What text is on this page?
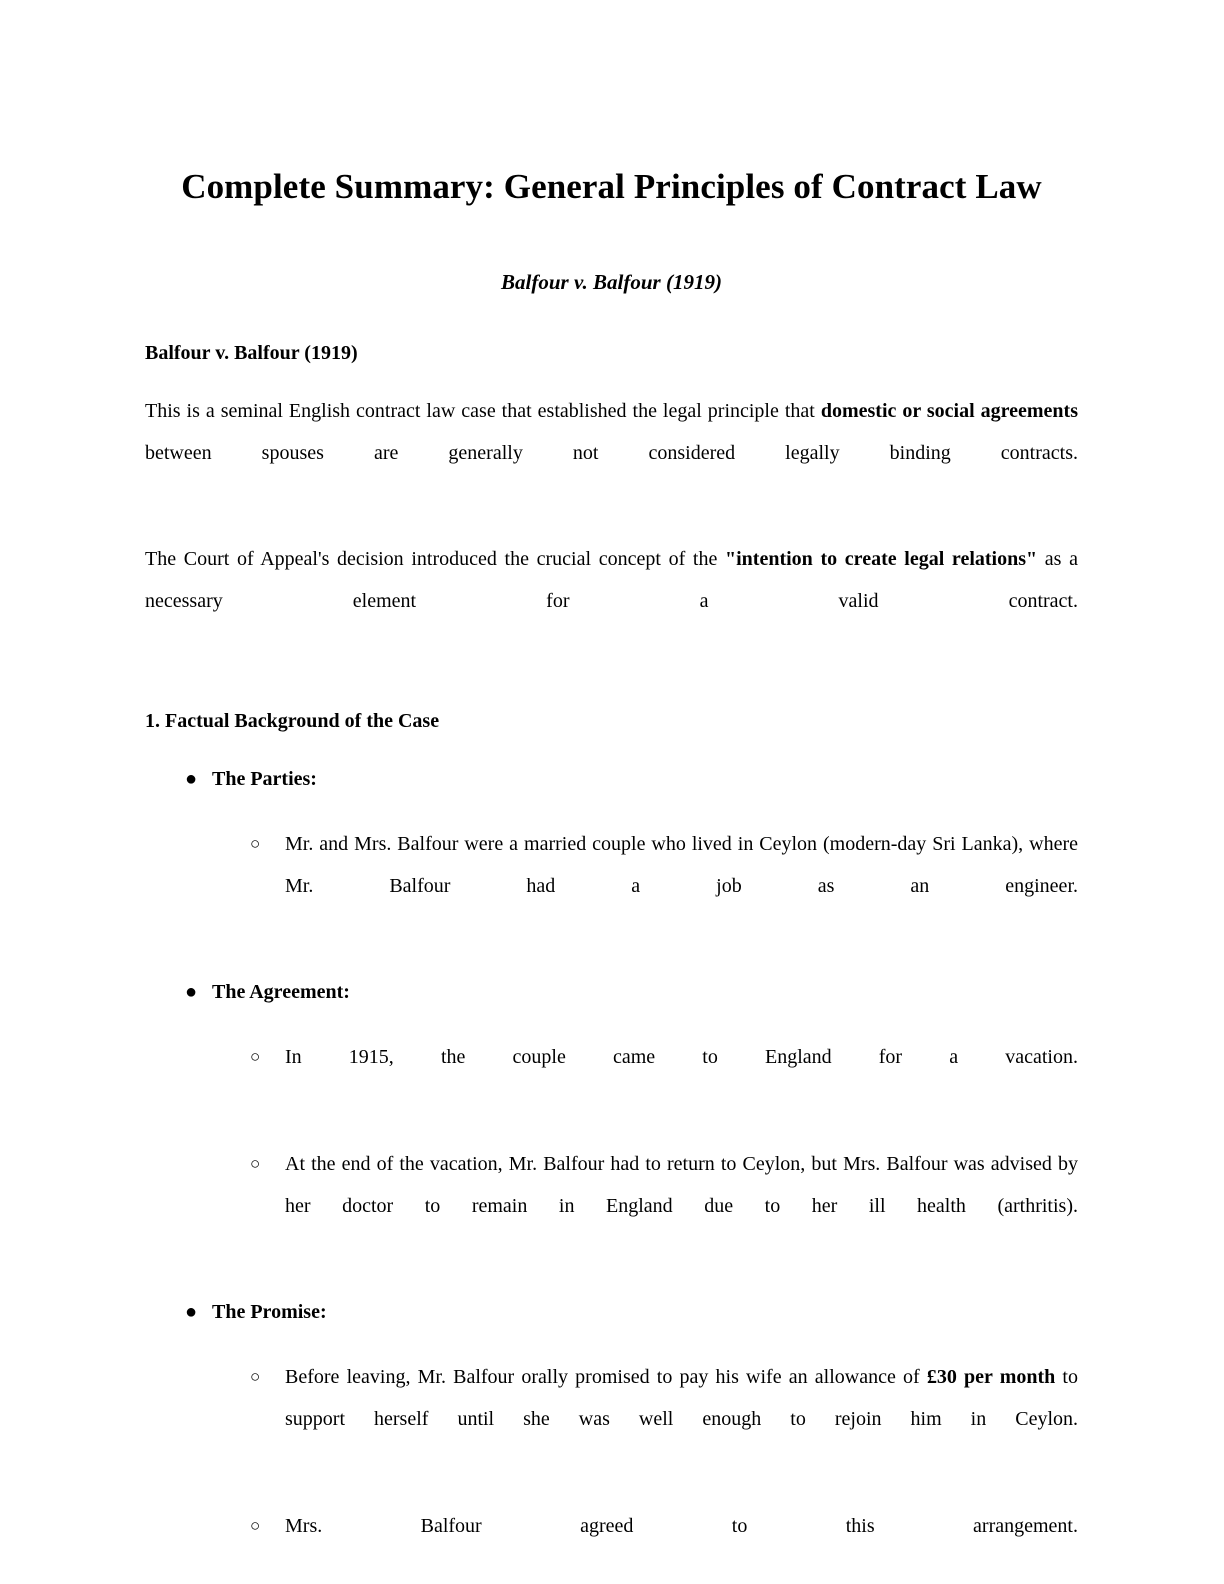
Complete Summary: General Principles of Contract Law
Balfour v. Balfour (1919)
Balfour v. Balfour (1919)

This is a seminal English contract law case that established the legal principle that domestic or social agreements between spouses are generally not considered legally binding contracts.

The Court of Appeal's decision introduced the crucial concept of the "intention to create legal relations" as a necessary element for a valid contract.

1. Factual Background of the Case
● The Parties:
○	Mr. and Mrs. Balfour were a married couple who lived in Ceylon (modern-day Sri Lanka), where Mr. Balfour had a job as an engineer.
● The Agreement:
○	In 1915, the couple came to England for a vacation.
○	At the end of the vacation, Mr. Balfour had to return to Ceylon, but Mrs. Balfour was advised by her doctor to remain in England due to her ill health (arthritis).
● The Promise:
○	Before leaving, Mr. Balfour orally promised to pay his wife an allowance of £30 per month to support herself until she was well enough to rejoin him in Ceylon.
○	Mrs. Balfour agreed to this arrangement.
